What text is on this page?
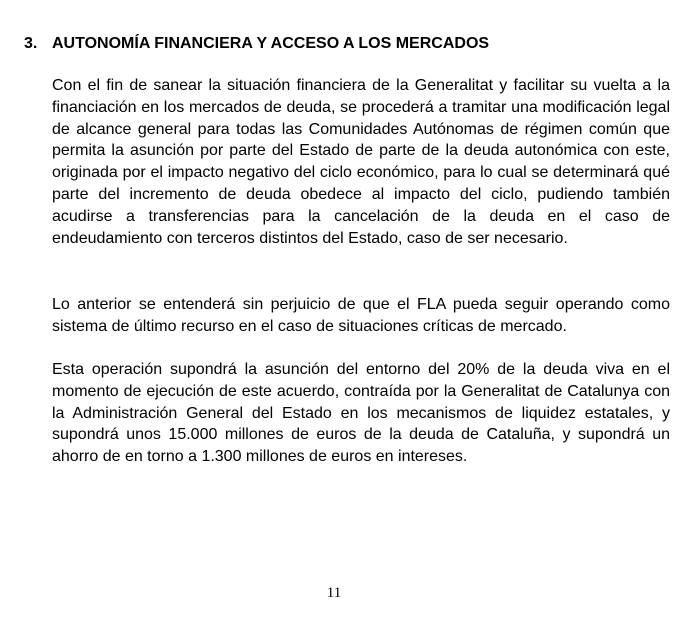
3. AUTONOMÍA FINANCIERA Y ACCESO A LOS MERCADOS

Con el fin de sanear la situación financiera de la Generalitat y facilitar su vuelta a la financiación en los mercados de deuda, se procederá a tramitar una modificación legal de alcance general para todas las Comunidades Autónomas de régimen común que permita la asunción por parte del Estado de parte de la deuda autonómica con este, originada por el impacto negativo del ciclo económico, para lo cual se determinará qué parte del incremento de deuda obedece al impacto del ciclo, pudiendo también acudirse a transferencias para la cancelación de la deuda en el caso de endeudamiento con terceros distintos del Estado, caso de ser necesario.

Lo anterior se entenderá sin perjuicio de que el FLA pueda seguir operando como sistema de último recurso en el caso de situaciones críticas de mercado.

Esta operación supondrá la asunción del entorno del 20% de la deuda viva en el momento de ejecución de este acuerdo, contraída por la Generalitat de Catalunya con la Administración General del Estado en los mecanismos de liquidez estatales, y supondrá unos 15.000 millones de euros de la deuda de Cataluña, y supondrá un ahorro de en torno a 1.300 millones de euros en intereses.

11
